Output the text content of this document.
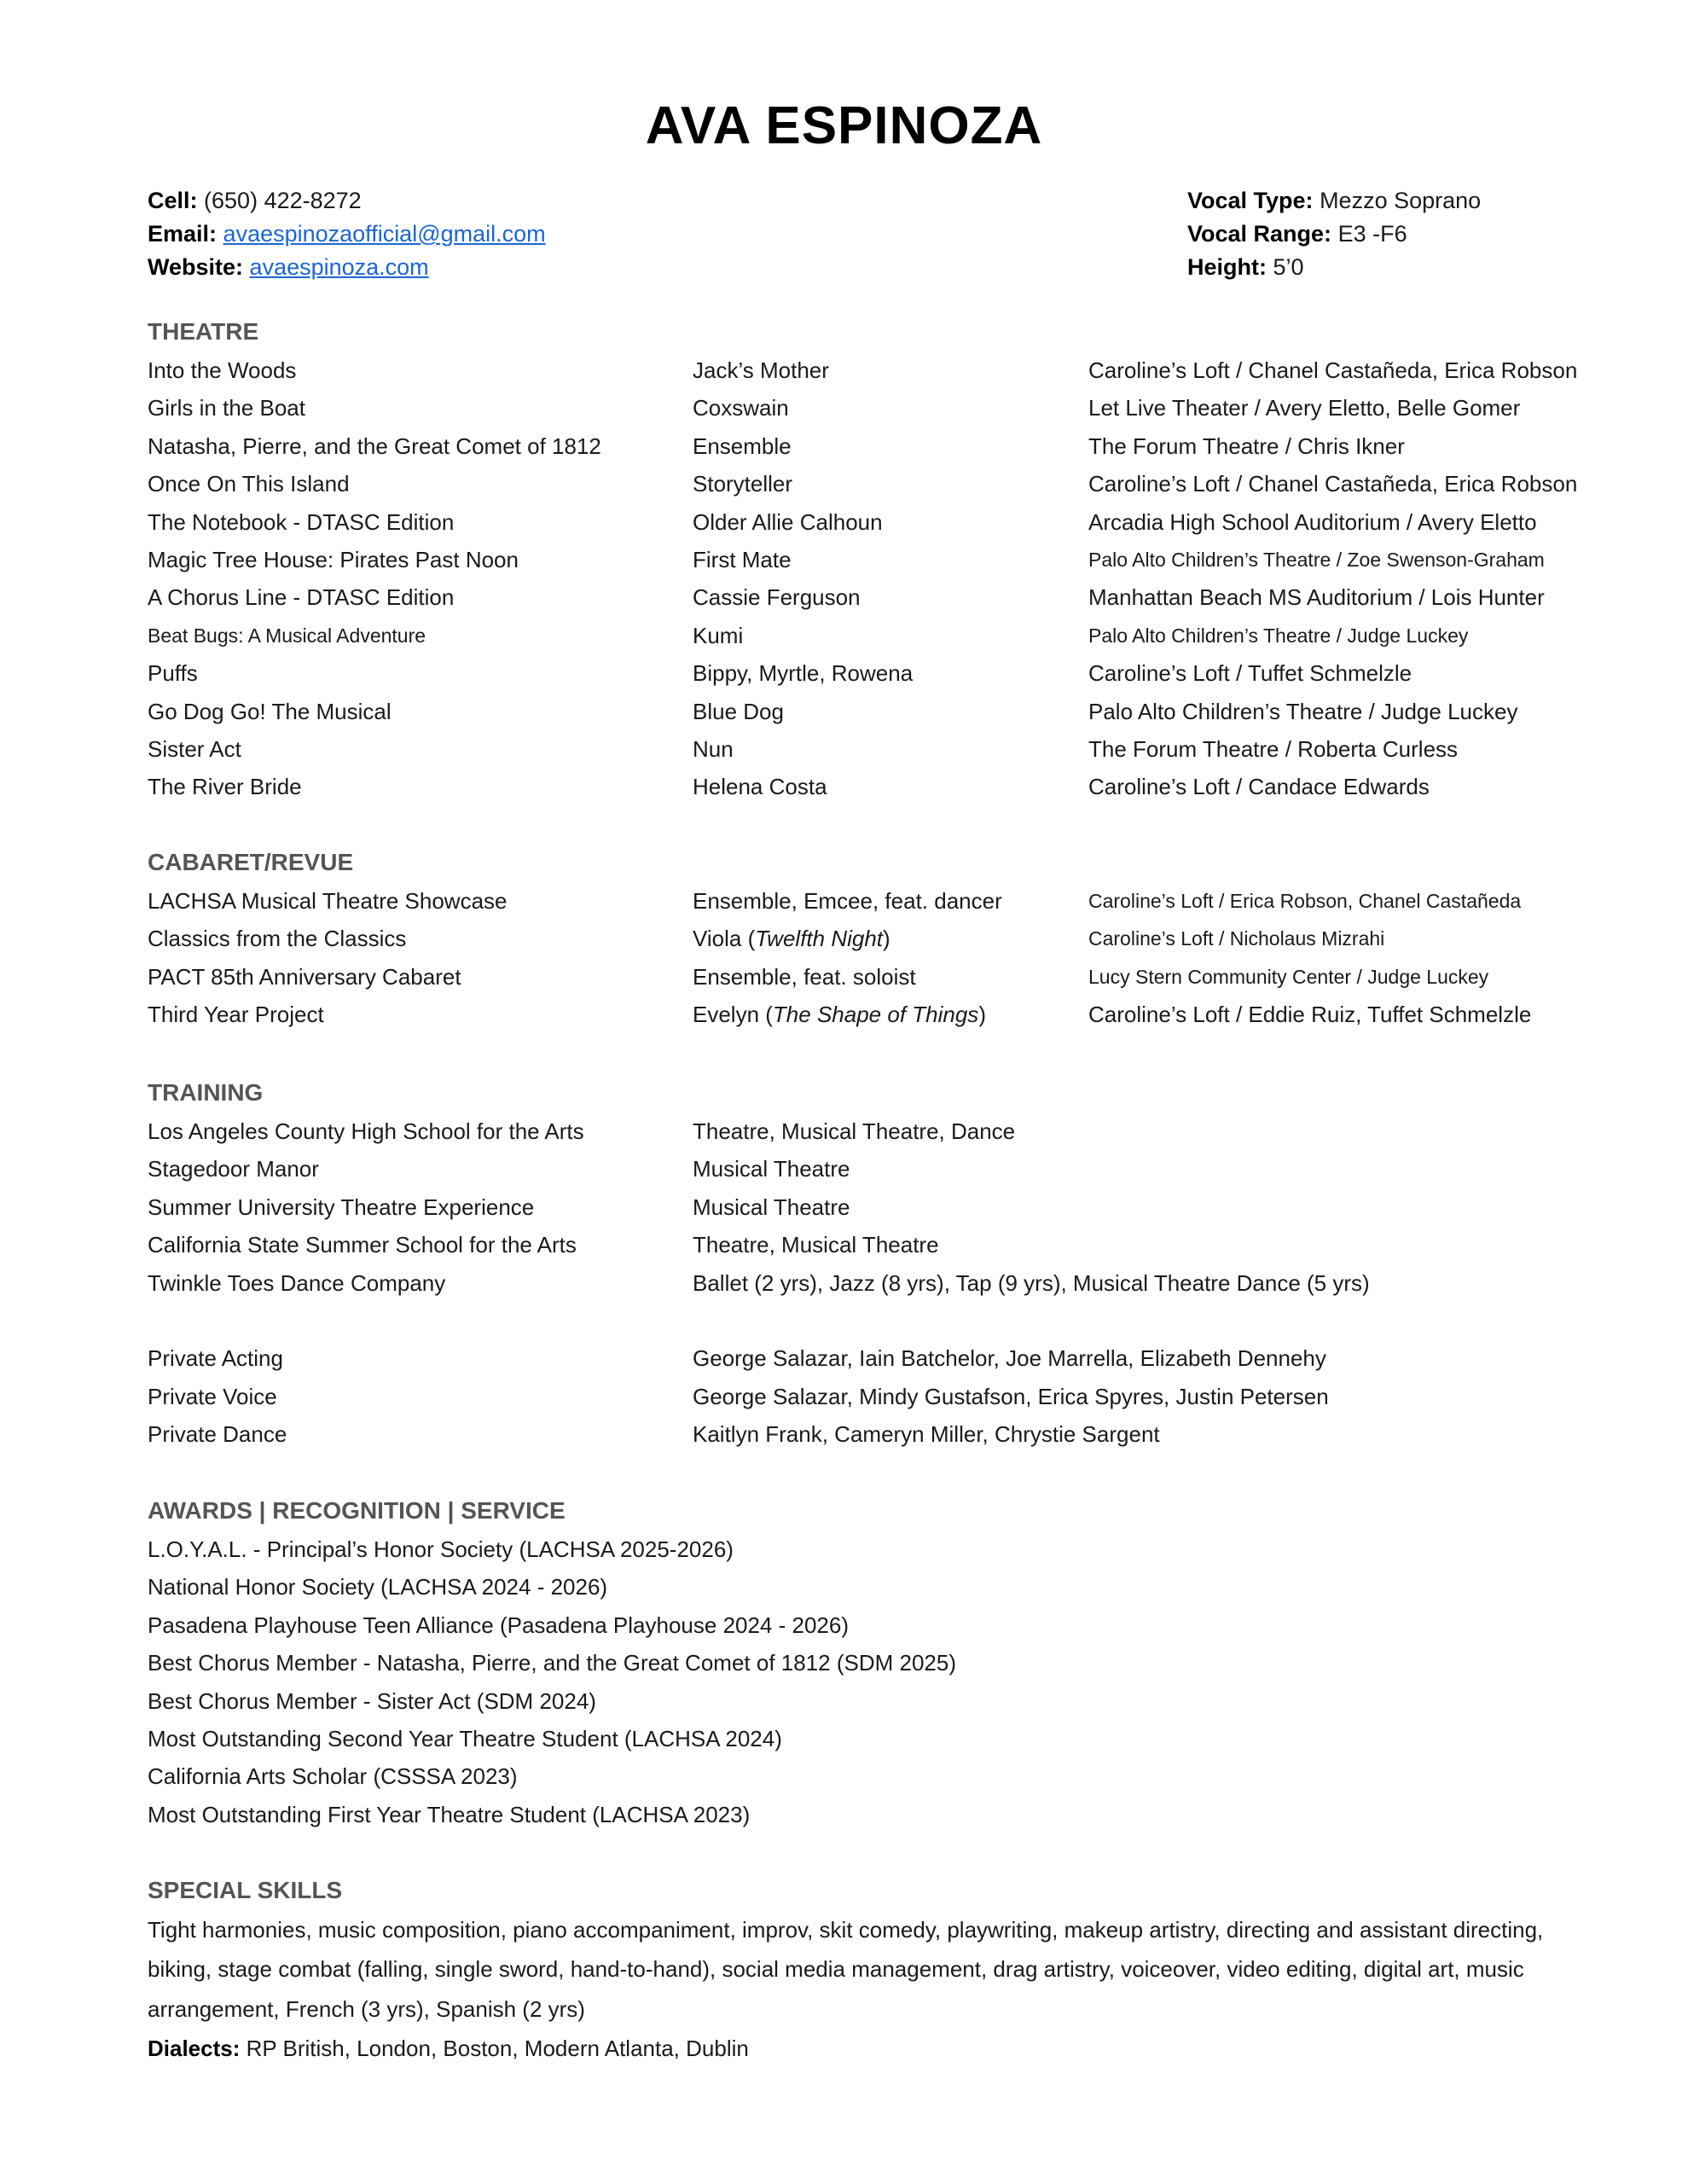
AVA ESPINOZA
Cell: (650) 422-8272
Email: avaespinozaofficial@gmail.com
Website: avaespinoza.com
Vocal Type: Mezzo Soprano
Vocal Range: E3 -F6
Height: 5’0
THEATRE
Into the Woods	Jack’s Mother	Caroline’s Loft / Chanel Castañeda, Erica Robson
Girls in the Boat	Coxswain	Let Live Theater / Avery Eletto, Belle Gomer
Natasha, Pierre, and the Great Comet of 1812	Ensemble	The Forum Theatre / Chris Ikner
Once On This Island	Storyteller	Caroline’s Loft / Chanel Castañeda, Erica Robson
The Notebook - DTASC Edition	Older Allie Calhoun	Arcadia High School Auditorium / Avery Eletto
Magic Tree House: Pirates Past Noon	First Mate	Palo Alto Children’s Theatre / Zoe Swenson-Graham
A Chorus Line - DTASC Edition	Cassie Ferguson	Manhattan Beach MS Auditorium / Lois Hunter
Beat Bugs: A Musical Adventure	Kumi	Palo Alto Children’s Theatre / Judge Luckey
Puffs	Bippy, Myrtle, Rowena	Caroline’s Loft / Tuffet Schmelzle
Go Dog Go! The Musical	Blue Dog	Palo Alto Children’s Theatre / Judge Luckey
Sister Act	Nun	The Forum Theatre / Roberta Curless
The River Bride	Helena Costa	Caroline’s Loft / Candace Edwards
CABARET/REVUE
LACHSA Musical Theatre Showcase	Ensemble, Emcee, feat. dancer	Caroline’s Loft / Erica Robson, Chanel Castañeda
Classics from the Classics	Viola (Twelfth Night)	Caroline’s Loft / Nicholaus Mizrahi
PACT 85th Anniversary Cabaret	Ensemble, feat. soloist	Lucy Stern Community Center / Judge Luckey
Third Year Project	Evelyn (The Shape of Things)	Caroline’s Loft / Eddie Ruiz, Tuffet Schmelzle
TRAINING
Los Angeles County High School for the Arts	Theatre, Musical Theatre, Dance
Stagedoor Manor	Musical Theatre
Summer University Theatre Experience	Musical Theatre
California State Summer School for the Arts	Theatre, Musical Theatre
Twinkle Toes Dance Company	Ballet (2 yrs), Jazz (8 yrs), Tap (9 yrs), Musical Theatre Dance (5 yrs)
Private Acting	George Salazar, Iain Batchelor, Joe Marrella, Elizabeth Dennehy
Private Voice	George Salazar, Mindy Gustafson, Erica Spyres, Justin Petersen
Private Dance	Kaitlyn Frank, Cameryn Miller, Chrystie Sargent
AWARDS | RECOGNITION | SERVICE
L.O.Y.A.L. - Principal’s Honor Society (LACHSA 2025-2026)
National Honor Society (LACHSA 2024 - 2026)
Pasadena Playhouse Teen Alliance (Pasadena Playhouse 2024 - 2026)
Best Chorus Member - Natasha, Pierre, and the Great Comet of 1812 (SDM 2025)
Best Chorus Member - Sister Act (SDM 2024)
Most Outstanding Second Year Theatre Student (LACHSA 2024)
California Arts Scholar (CSSSA 2023)
Most Outstanding First Year Theatre Student (LACHSA 2023)
SPECIAL SKILLS
Tight harmonies, music composition, piano accompaniment, improv, skit comedy, playwriting, makeup artistry, directing and assistant directing, biking, stage combat (falling, single sword, hand-to-hand), social media management, drag artistry, voiceover, video editing, digital art, music arrangement, French (3 yrs), Spanish (2 yrs)
Dialects: RP British, London, Boston, Modern Atlanta, Dublin
